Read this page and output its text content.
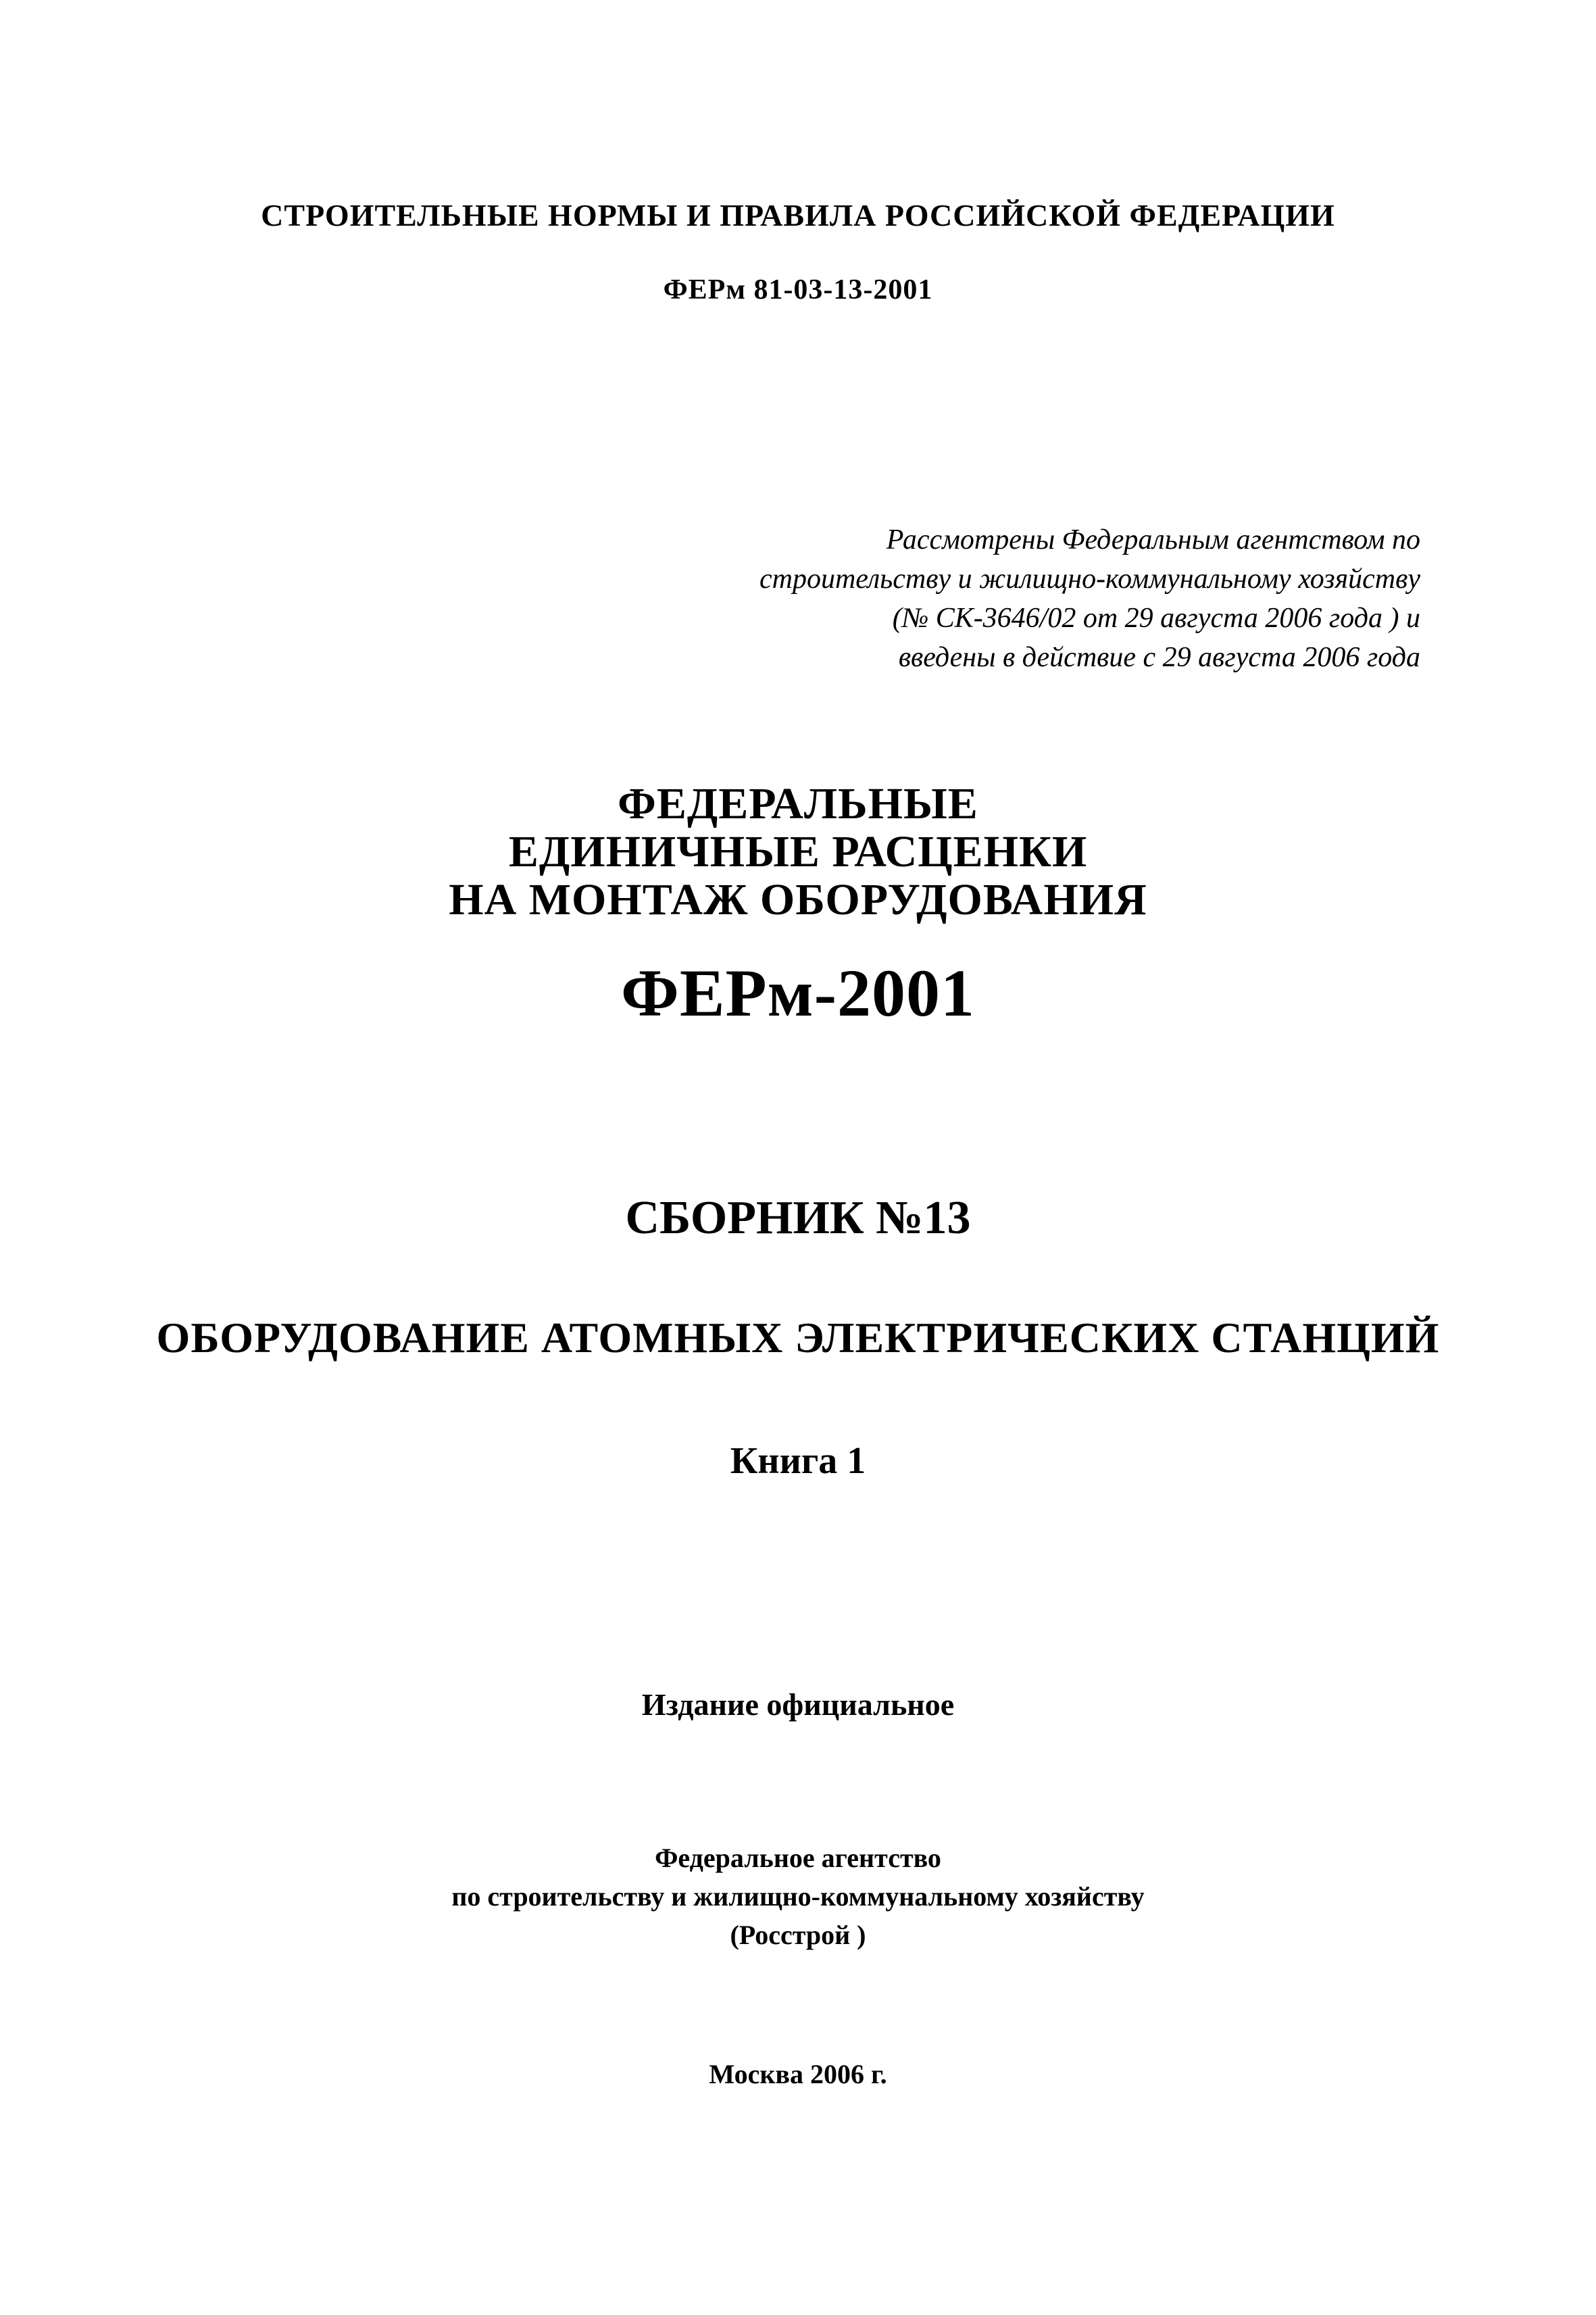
СТРОИТЕЛЬНЫЕ НОРМЫ И ПРАВИЛА РОССИЙСКОЙ ФЕДЕРАЦИИ
ФЕРм 81-03-13-2001
Рассмотрены Федеральным агентством по
строительству и жилищно-коммунальному хозяйству
(№ СК-3646/02 от 29 августа 2006 года ) и
введены в действие с 29 августа 2006 года
ФЕДЕРАЛЬНЫЕ
ЕДИНИЧНЫЕ РАСЦЕНКИ
НА МОНТАЖ ОБОРУДОВАНИЯ
ФЕРм-2001
СБОРНИК №13
ОБОРУДОВАНИЕ АТОМНЫХ ЭЛЕКТРИЧЕСКИХ СТАНЦИЙ
Книга 1
Издание официальное
Федеральное агентство
по строительству и жилищно-коммунальному хозяйству
(Росстрой )
Москва 2006 г.
